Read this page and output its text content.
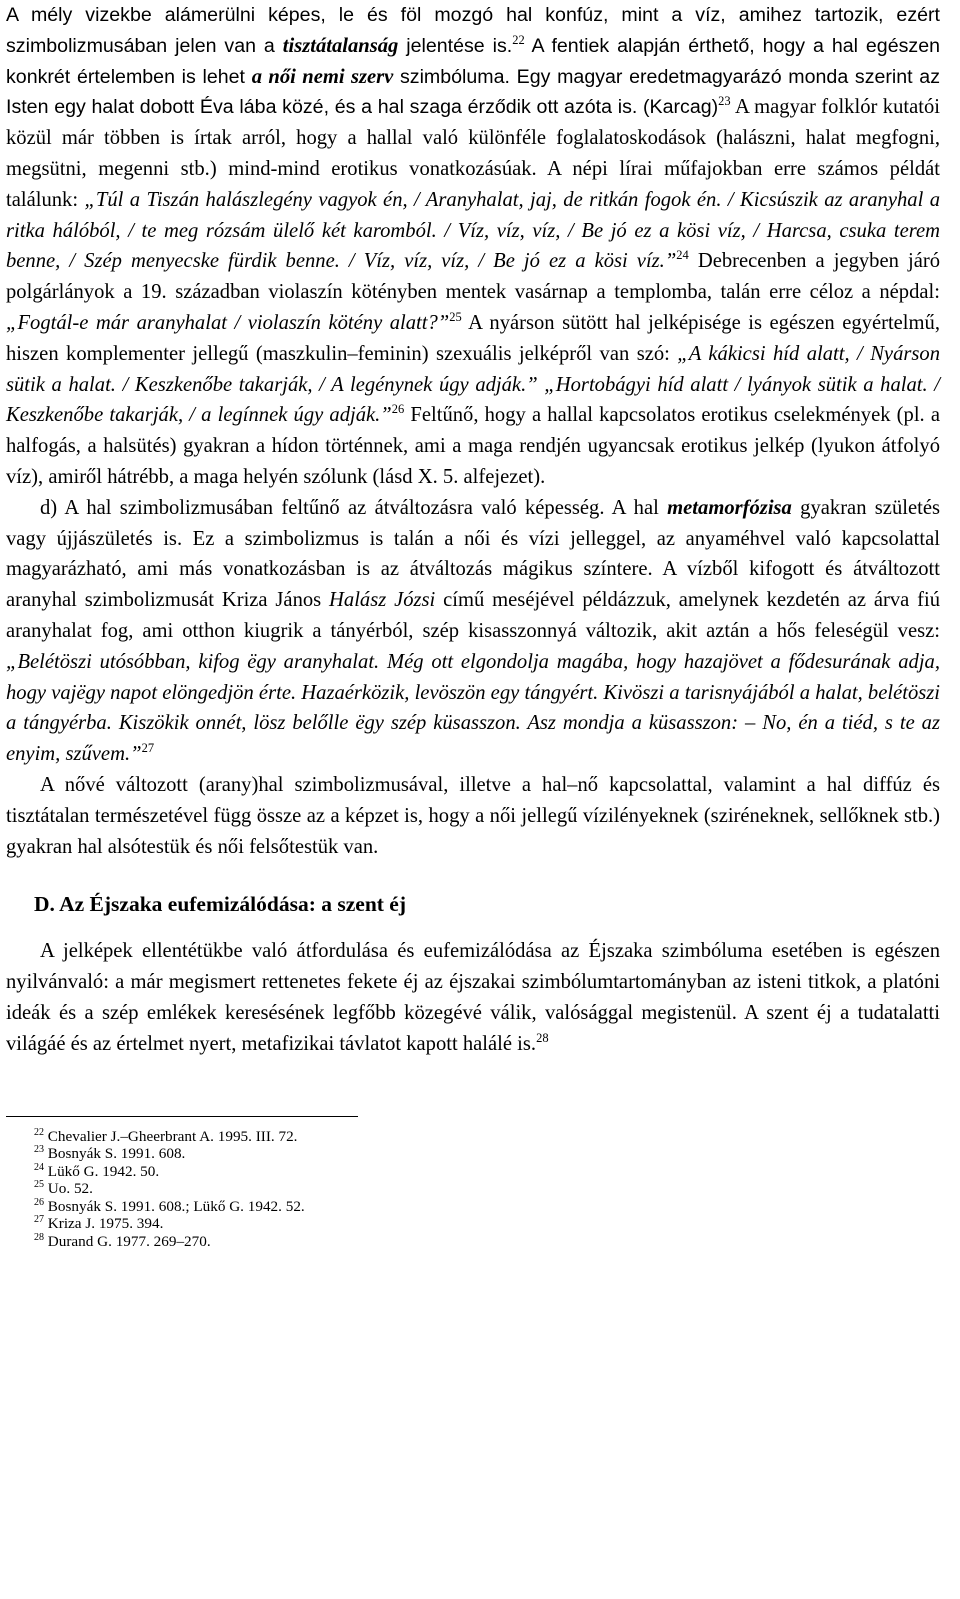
A mély vizekbe alámerülni képes, le és föl mozgó hal konfúz, mint a víz, amihez tartozik, ezért szimbolizmusában jelen van a tisztátalanság jelentése is.$^{22}$ A fentiek alapján érthető, hogy a hal egészen konkrét értelemben is lehet a női nemi szerv szimbóluma. Egy magyar eredetmagyarázó monda szerint az Isten egy halat dobott Éva lába közé, és a hal szaga érződik ott azóta is. (Karcag)$^{23}$ A magyar folklór kutatói közül már többen is írtak arról, hogy a hallal való különféle foglalatoskodások (halászni, halat megfogni, megsütni, megenni stb.) mind-mind erotikus vonatkozásúak. A népi lírai műfajokban erre számos példát találunk: „Túl a Tiszán halászlegény vagyok én, / Aranyhalat, jaj, de ritkán fogok én. / Kicsúszik az aranyhal a ritka hálóból, / te meg rózsám ülelő két karomból. / Víz, víz, víz, / Be jó ez a kösi víz, / Harcsa, csuka terem benne, / Szép menyecske fürdik benne. / Víz, víz, víz, / Be jó ez a kösi víz.”$^{24}$ Debrecenben a jegyben járó polgárlányok a 19. században violaszín kötényben mentek vasárnap a templomba, talán erre céloz a népdal: „Fogtál-e már aranyhalat / violaszín kötény alatt?”$^{25}$ A nyárson sütött hal jelképisége is egészen egyértelmű, hiszen komplementer jellegű (maszkulin–feminin) szexuális jelképről van szó: „A kákicsi híd alatt, / Nyárson sütik a halat. / Keszkenőbe takarják, / A legénynek úgy adják.” „Hortobágyi híd alatt / lyányok sütik a halat. / Keszkenőbe takarják, / a legínnek úgy adják.”$^{26}$ Feltűnő, hogy a hallal kapcsolatos erotikus cselekmények (pl. a halfogás, a halsütés) gyakran a hídon történnek, ami a maga rendjén ugyancsak erotikus jelkép (lyukon átfolyó víz), amiről hátrébb, a maga helyén szólunk (lásd X. 5. alfejezet).

d) A hal szimbolizmusában feltűnő az átváltozásra való képesség. A hal metamorfózisa gyakran születés vagy újjászületés is. Ez a szimbolizmus is talán a női és vízi jelleggel, az anyaméhvel való kapcsolattal magyarázható, ami más vonatkozásban is az átváltozás mágikus színtere. A vízből kifogott és átváltozott aranyhal szimbolizmusát Kriza János Halász Józsi című meséjével példázzuk, amelynek kezdetén az árva fiú aranyhalat fog, ami otthon kiugrik a tányérból, szép kisasszonnyá változik, akit aztán a hős feleségül vesz: „Belétöszi utósóbban, kifog ëgy aranyhalat. Még ott elgondolja magába, hogy hazajövet a fődesurának adja, hogy vajëgy napot elöngedjön érte. Hazaérközik, levöszön egy tángyért. Kivöszi a tarisnyájából a halat, belétöszi a tángyérba. Kiszökik onnét, lösz belőlle ëgy szép küsasszon. Asz mondja a küsasszon: – No, én a tiéd, s te az enyim, szűvem.”$^{27}$

A nővé változott (arany)hal szimbolizmusával, illetve a hal–nő kapcsolattal, valamint a hal diffúz és tisztátalan természetével függ össze az a képzet is, hogy a női jellegű vízilényeknek (sziréneknek, sellőknek stb.) gyakran hal alsótestük és női felsőtestük van.

D. Az Éjszaka eufemizálódása: a szent éj

A jelképek ellentétükbe való átfordulása és eufemizálódása az Éjszaka szimbóluma esetében is egészen nyilvánvaló: a már megismert rettenetes fekete éj az éjszakai szimbólumtartományban az isteni titkok, a platóni ideák és a szép emlékek keresésének legfőbb közegévé válik, valósággal megistenül. A szent éj a tudatalatti világáé és az értelmet nyert, metafizikai távlatot kapott halálé is.$^{28}$

$^{22}$ Chevalier J.–Gheerbrant A. 1995. III. 72.
$^{23}$ Bosnyák S. 1991. 608.
$^{24}$ Lükő G. 1942. 50.
$^{25}$ Uo. 52.
$^{26}$ Bosnyák S. 1991. 608.; Lükő G. 1942. 52.
$^{27}$ Kriza J. 1975. 394.
$^{28}$ Durand G. 1977. 269–270.
